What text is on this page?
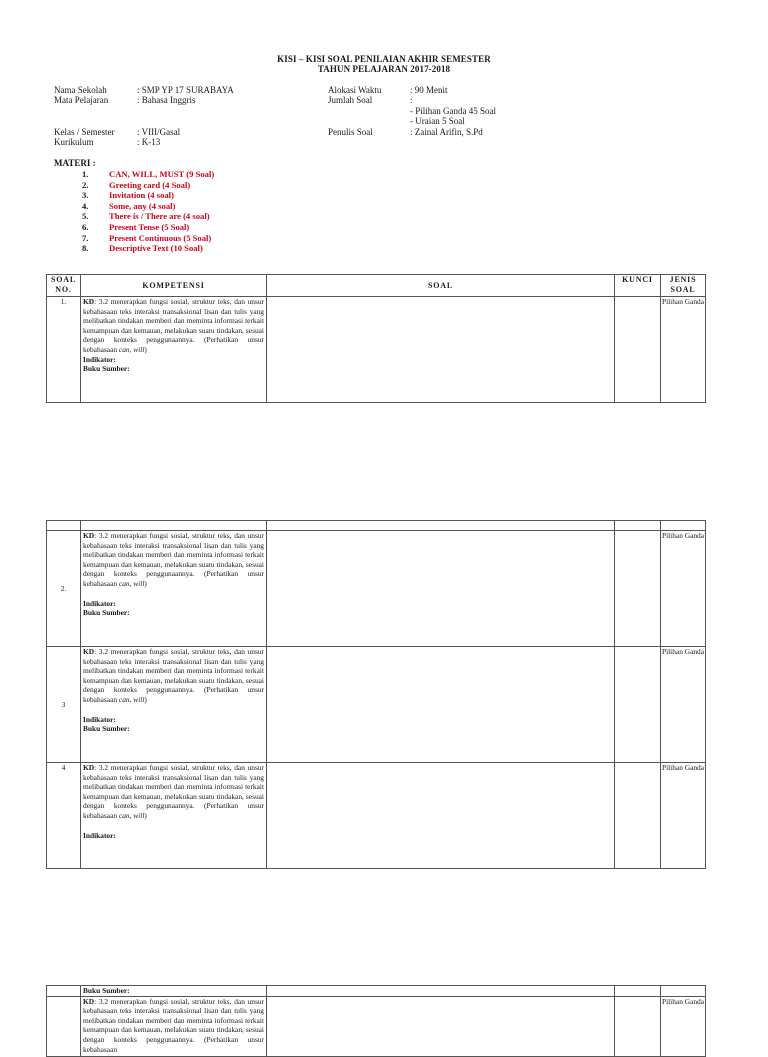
KISI – KISI SOAL PENILAIAN AKHIR SEMESTER
TAHUN PELAJARAN 2017-2018
Nama Sekolah	: SMP YP 17 SURABAYA
Mata Pelajaran	: Bahasa Inggris
Kelas / Semester	: VIII/Gasal
Kurikulum	: K-13
Alokasi Waktu	: 90 Menit
Jumlah Soal	:
- Pilihan Ganda 45 Soal
- Uraian 5 Soal
Penulis Soal	: Zainal Arifin, S.Pd
MATERI :
1.	CAN, WILL, MUST (9 Soal)
2.	Greeting card (4 Soal)
3.	Invitation (4 soal)
4.	Some, any (4 soal)
5.	There is / There are (4 soal)
6.	Present Tense (5 Soal)
7.	Present Continuous (5 Soal)
8.	Descriptive Text (10 Soal)
SOAL NO.	KOMPETENSI	SOAL	KUNCI	JENIS SOAL
1.	KD: 3.2 menerapkan fungsi sosial, struktur teks, dan unsur kebahasaan teks interaksi transaksional lisan dan tulis yang melibatkan tindakan memberi dan meminta informasi terkait kemampuan dan kemauan, melakukan suatu tindakan, sesuai dengan konteks penggunaannya. (Perhatikan unsur kebahasaan can, will)
Indikator:
Buku Sumber:			Pilihan Ganda

2.	KD: 3.2 menerapkan fungsi sosial, struktur teks, dan unsur kebahasaan teks interaksi transaksional lisan dan tulis yang melibatkan tindakan memberi dan meminta informasi terkait kemampuan dan kemauan, melakukan suatu tindakan, sesuai dengan konteks penggunaannya. (Perhatikan unsur kebahasaan can, will)
Indikator:
Buku Sumber:			Pilihan Ganda
3	KD: 3.2 menerapkan fungsi sosial, struktur teks, dan unsur kebahasaan teks interaksi transaksional lisan dan tulis yang melibatkan tindakan memberi dan meminta informasi terkait kemampuan dan kemauan, melakukan suatu tindakan, sesuai dengan konteks penggunaannya. (Perhatikan unsur kebahasaan can, will)
Indikator:
Buku Sumber:			Pilihan Ganda
4	KD: 3.2 menerapkan fungsi sosial, struktur teks, dan unsur kebahasaan teks interaksi transaksional lisan dan tulis yang melibatkan tindakan memberi dan meminta informasi terkait kemampuan dan kemauan, melakukan suatu tindakan, sesuai dengan konteks penggunaannya. (Perhatikan unsur kebahasaan can, will)
Indikator:			Pilihan Ganda
	Buku Sumber:			
	KD: 3.2 menerapkan fungsi sosial, struktur teks, dan unsur kebahasaan teks interaksi transaksional lisan dan tulis yang melibatkan tindakan memberi dan meminta informasi terkait kemampuan dan kemauan, melakukan suatu tindakan, sesuai dengan konteks penggunaannya. (Perhatikan unsur kebahasaan			Pilihan Ganda
